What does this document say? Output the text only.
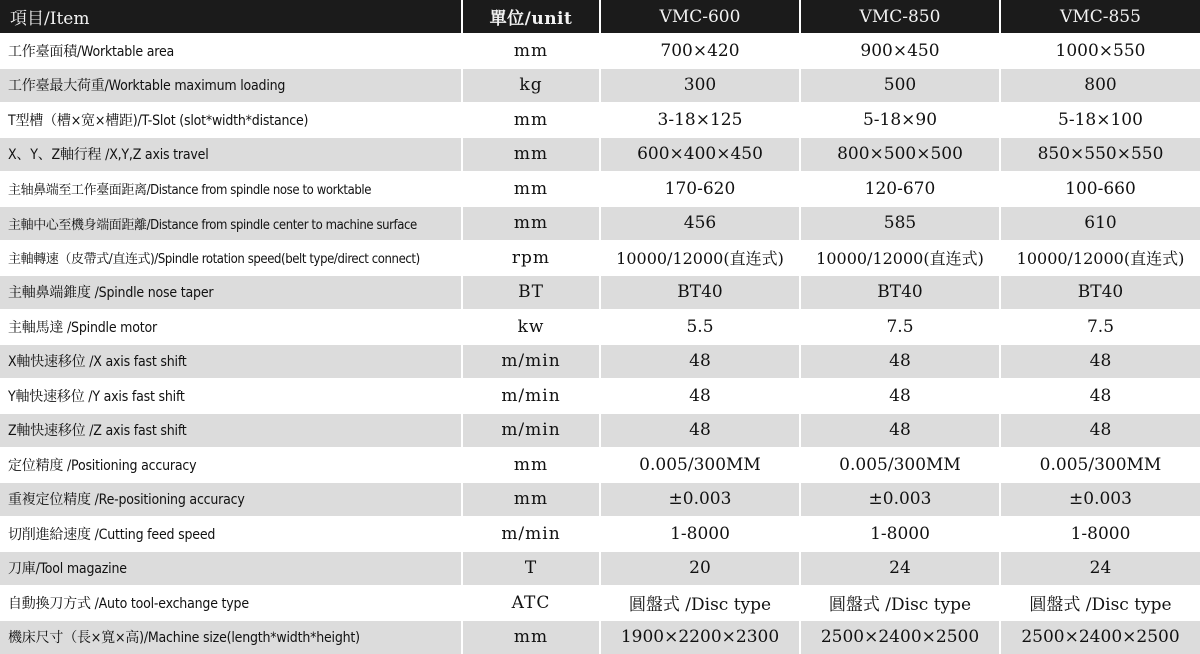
項目/Item	單位/unit	VMC-600	VMC-850	VMC-855
工作臺面積/Worktable area	mm	700×420	900×450	1000×550
工作臺最大荷重/Worktable maximum loading	kg	300	500	800
T型槽（槽×宽×槽距)/T-Slot (slot*width*distance)	mm	3-18×125	5-18×90	5-18×100
X、Y、Z軸行程 /X,Y,Z axis travel	mm	600×400×450	800×500×500	850×550×550
主轴鼻端至工作臺面距离/Distance from spindle nose to worktable	mm	170-620	120-670	100-660
主軸中心至機身端面距離/Distance from spindle center to machine surface	mm	456	585	610
主軸轉速（皮帶式/直连式)/Spindle rotation speed(belt type/direct connect)	rpm	10000/12000(直连式)	10000/12000(直连式)	10000/12000(直连式)
主軸鼻端錐度 /Spindle nose taper	BT	BT40	BT40	BT40
主軸馬達 /Spindle motor	kw	5.5	7.5	7.5
X軸快速移位 /X axis fast shift	m/min	48	48	48
Y軸快速移位 /Y axis fast shift	m/min	48	48	48
Z軸快速移位 /Z axis fast shift	m/min	48	48	48
定位精度 /Positioning accuracy	mm	0.005/300MM	0.005/300MM	0.005/300MM
重複定位精度 /Re-positioning accuracy	mm	±0.003	±0.003	±0.003
切削進給速度 /Cutting feed speed	m/min	1-8000	1-8000	1-8000
刀庫/Tool magazine	T	20	24	24
自動換刀方式 /Auto tool-exchange type	ATC	圓盤式 /Disc type	圓盤式 /Disc type	圓盤式 /Disc type
機床尺寸（長×寬×高)/Machine size(length*width*height)	mm	1900×2200×2300	2500×2400×2500	2500×2400×2500
